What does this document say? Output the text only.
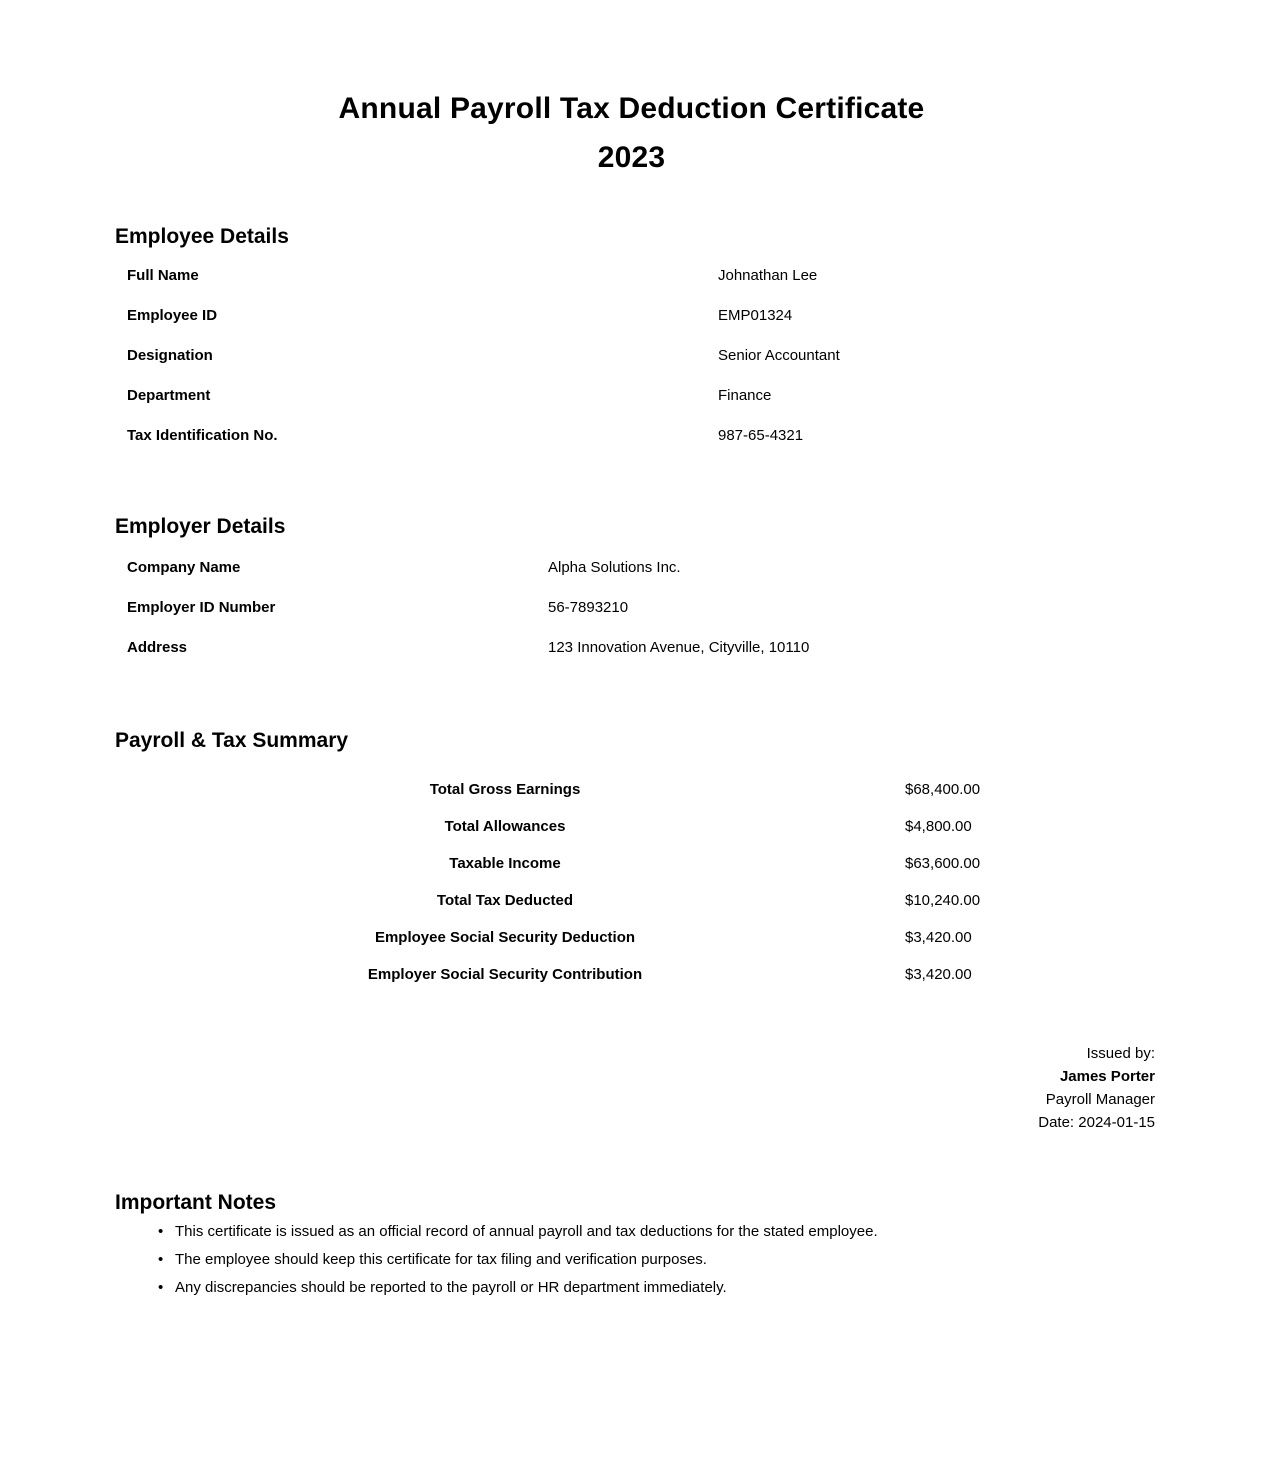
Annual Payroll Tax Deduction Certificate
2023
Employee Details
Full Name	Johnathan Lee
Employee ID	EMP01324
Designation	Senior Accountant
Department	Finance
Tax Identification No.	987-65-4321
Employer Details
Company Name	Alpha Solutions Inc.
Employer ID Number	56-7893210
Address	123 Innovation Avenue, Cityville, 10110
Payroll & Tax Summary
Total Gross Earnings	$68,400.00
Total Allowances	$4,800.00
Taxable Income	$63,600.00
Total Tax Deducted	$10,240.00
Employee Social Security Deduction	$3,420.00
Employer Social Security Contribution	$3,420.00
Issued by:
James Porter
Payroll Manager
Date: 2024-01-15
Important Notes
• This certificate is issued as an official record of annual payroll and tax deductions for the stated employee.
• The employee should keep this certificate for tax filing and verification purposes.
• Any discrepancies should be reported to the payroll or HR department immediately.
